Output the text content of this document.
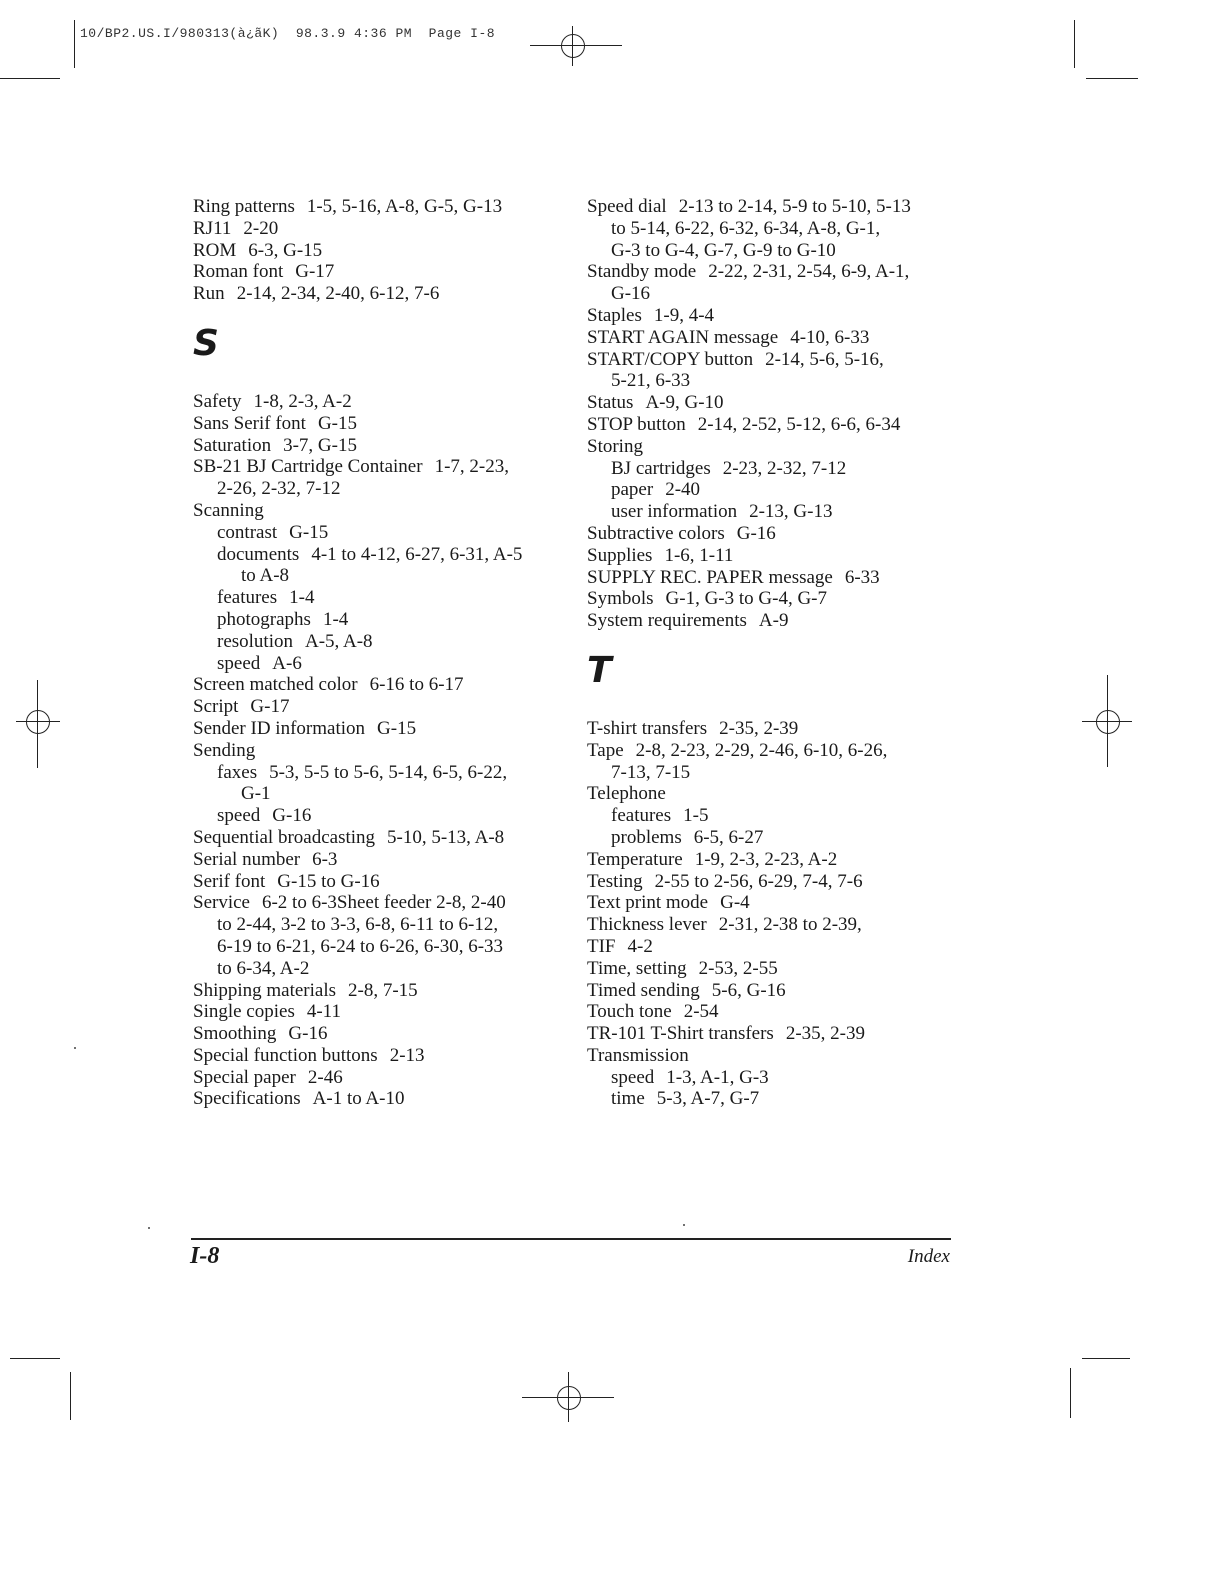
10/BP2.US.I/980313(à¿ãK)  98.3.9 4:36 PM  Page I-8
Ring patterns 1-5, 5-16, A-8, G-5, G-13
RJ11 2-20
ROM 6-3, G-15
Roman font G-17
Run 2-14, 2-34, 2-40, 6-12, 7-6
S
Safety 1-8, 2-3, A-2
Sans Serif font G-15
Saturation 3-7, G-15
SB-21 BJ Cartridge Container 1-7, 2-23,
2-26, 2-32, 7-12
Scanning
contrast G-15
documents 4-1 to 4-12, 6-27, 6-31, A-5
to A-8
features 1-4
photographs 1-4
resolution A-5, A-8
speed A-6
Screen matched color 6-16 to 6-17
Script G-17
Sender ID information G-15
Sending
faxes 5-3, 5-5 to 5-6, 5-14, 6-5, 6-22,
G-1
speed G-16
Sequential broadcasting 5-10, 5-13, A-8
Serial number 6-3
Serif font G-15 to G-16
Service 6-2 to 6-3Sheet feeder 2-8, 2-40
to 2-44, 3-2 to 3-3, 6-8, 6-11 to 6-12,
6-19 to 6-21, 6-24 to 6-26, 6-30, 6-33
to 6-34, A-2
Shipping materials 2-8, 7-15
Single copies 4-11
Smoothing G-16
Special function buttons 2-13
Special paper 2-46
Specifications A-1 to A-10
Speed dial 2-13 to 2-14, 5-9 to 5-10, 5-13
to 5-14, 6-22, 6-32, 6-34, A-8, G-1,
G-3 to G-4, G-7, G-9 to G-10
Standby mode 2-22, 2-31, 2-54, 6-9, A-1,
G-16
Staples 1-9, 4-4
START AGAIN message 4-10, 6-33
START/COPY button 2-14, 5-6, 5-16,
5-21, 6-33
Status A-9, G-10
STOP button 2-14, 2-52, 5-12, 6-6, 6-34
Storing
BJ cartridges 2-23, 2-32, 7-12
paper 2-40
user information 2-13, G-13
Subtractive colors G-16
Supplies 1-6, 1-11
SUPPLY REC. PAPER message 6-33
Symbols G-1, G-3 to G-4, G-7
System requirements A-9
T
T-shirt transfers 2-35, 2-39
Tape 2-8, 2-23, 2-29, 2-46, 6-10, 6-26,
7-13, 7-15
Telephone
features 1-5
problems 6-5, 6-27
Temperature 1-9, 2-3, 2-23, A-2
Testing 2-55 to 2-56, 6-29, 7-4, 7-6
Text print mode G-4
Thickness lever 2-31, 2-38 to 2-39,
TIF 4-2
Time, setting 2-53, 2-55
Timed sending 5-6, G-16
Touch tone 2-54
TR-101 T-Shirt transfers 2-35, 2-39
Transmission
speed 1-3, A-1, G-3
time 5-3, A-7, G-7
I-8	Index
